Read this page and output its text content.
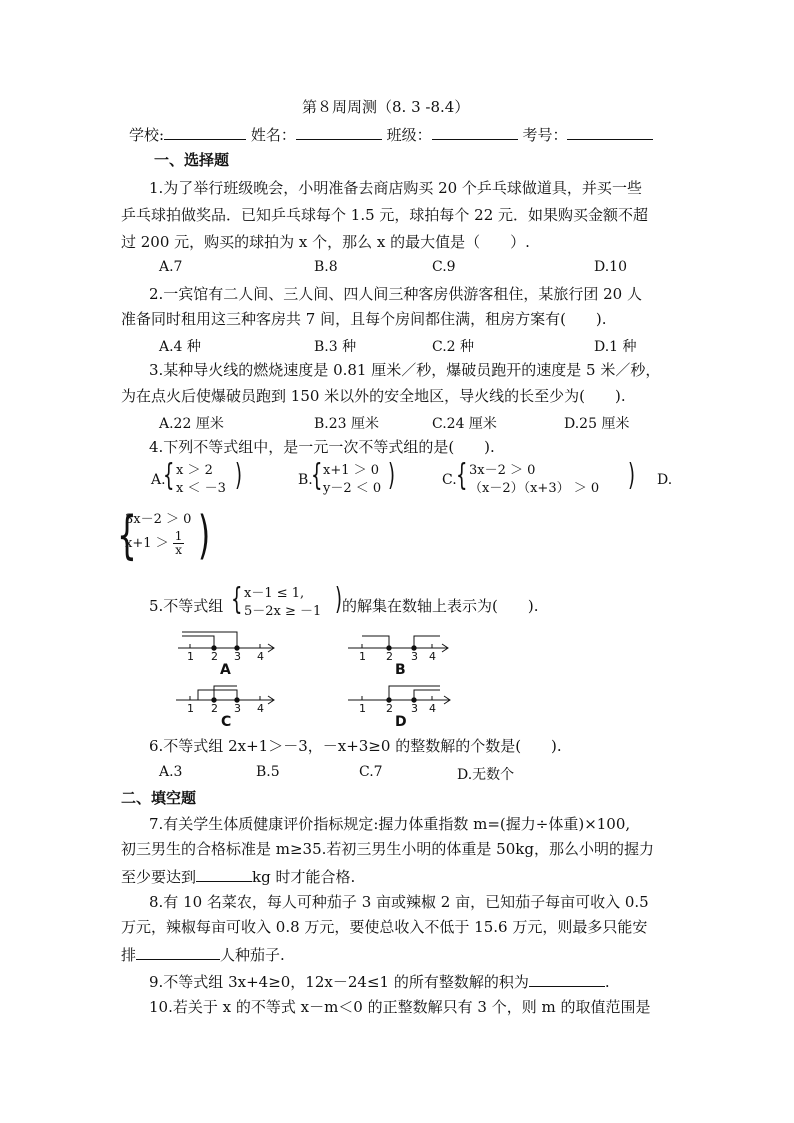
第８周周测（8. 3 -8.4）
学校:	姓名：	班级：	考号：
一、选择题
1.为了举行班级晚会，小明准备去商店购买 20 个乒乓球做道具，并买一些
乒乓球拍做奖品．已知乒乓球每个 1.5 元，球拍每个 22 元．如果购买金额不超
过 200 元，购买的球拍为 x 个，那么 x 的最大值是（　　）.
A.7	B.8	C.9	D.10
2.一宾馆有二人间、三人间、四人间三种客房供游客租住，某旅行团 20 人
准备同时租用这三种客房共 7 间，且每个房间都住满，租房方案有(　　).
A.4 种	B.3 种	C.2 种	D.1 种
3.某种导火线的燃烧速度是 0.81 厘米／秒，爆破员跑开的速度是 5 米／秒，
为在点火后使爆破员跑到 150 米以外的安全地区，导火线的长至少为(　　).
A.22 厘米	B.23 厘米	C.24 厘米	D.25 厘米
4.下列不等式组中，是一元一次不等式组的是(　　).
A.
{ x ＞ 2
x ＜ －3 )	B.
{ x+1 ＞ 0
y－2 ＜ 0 )	C. { 3x－2 ＞ 0
（x－2）（x+3） ＞ 0 ) D.
{
3x－2 ＞ 0
$x+1 > \frac{1}{x}$ )
5.不等式组 { x－1 ≤ 1,
5－2x ≥ －1 ) 的解集在数轴上表示为(　　).
1 2 3 4	1 2 3 4
1 2 3 4	1 2 3 4
A	B
C	D
6.不等式组 2x+1＞－3，－x+3≥0 的整数解的个数是(　　).
A.3	B.5	C.7	D.无数个
二、填空题
7.有关学生体质健康评价指标规定:握力体重指数 m=(握力÷体重)×100,
初三男生的合格标准是 m≥35.若初三男生小明的体重是 50kg，那么小明的握力
至少要达到	kg 时才能合格.
8.有 10 名菜农，每人可种茄子 3 亩或辣椒 2 亩，已知茄子每亩可收入 0.5
万元，辣椒每亩可收入 0.8 万元，要使总收入不低于 15.6 万元，则最多只能安
排	人种茄子.
9.不等式组 3x+4≥0，12x－24≤1 的所有整数解的积为	.
10.若关于 x 的不等式 x－m＜0 的正整数解只有 3 个，则 m 的取值范围是
